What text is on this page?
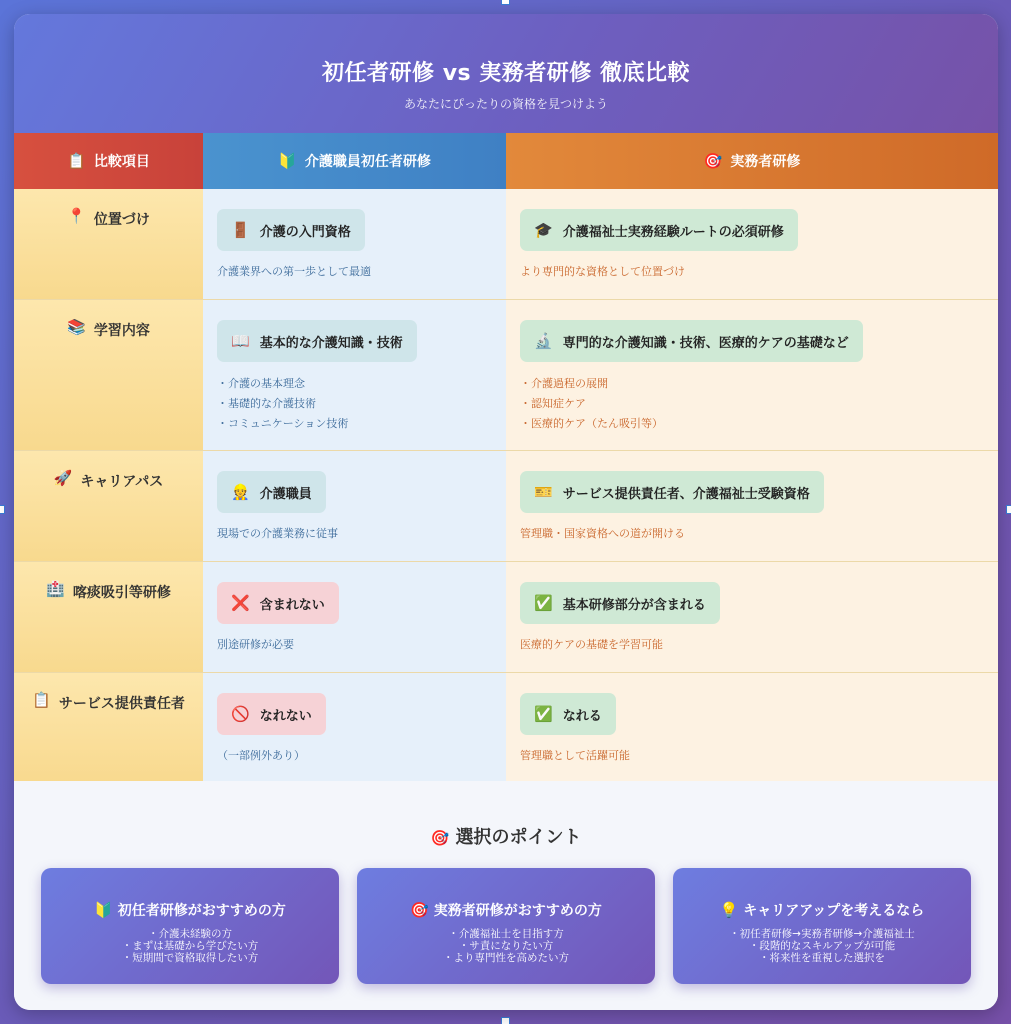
初任者研修 vs 実務者研修 徹底比較
あなたにぴったりの資格を見つけよう
📋 比較項目	🔰 介護職員初任者研修	🎯 実務者研修
📍 位置づけ
🚪 介護の入門資格
介護業界への第一歩として最適
🎓 介護福祉士実務経験ルートの必須研修
より専門的な資格として位置づけ
📚 学習内容
📖 基本的な介護知識・技術
・介護の基本理念
・基礎的な介護技術
・コミュニケーション技術
🔬 専門的な介護知識・技術、医療的ケアの基礎など
・介護過程の展開
・認知症ケア
・医療的ケア（たん吸引等）
🚀 キャリアパス
👷 介護職員
現場での介護業務に従事
🎫 サービス提供責任者、介護福祉士受験資格
管理職・国家資格への道が開ける
🏥 喀痰吸引等研修
❌ 含まれない
別途研修が必要
✅ 基本研修部分が含まれる
医療的ケアの基礎を学習可能
📋 サービス提供責任者
🚫 なれない
（一部例外あり）
✅ なれる
管理職として活躍可能
🎯 選択のポイント
🔰 初任者研修がおすすめの方
・介護未経験の方
・まずは基礎から学びたい方
・短期間で資格取得したい方
🎯 実務者研修がおすすめの方
・介護福祉士を目指す方
・サ責になりたい方
・より専門性を高めたい方
💡 キャリアアップを考えるなら
・初任者研修→実務者研修→介護福祉士
・段階的なスキルアップが可能
・将来性を重視した選択を
